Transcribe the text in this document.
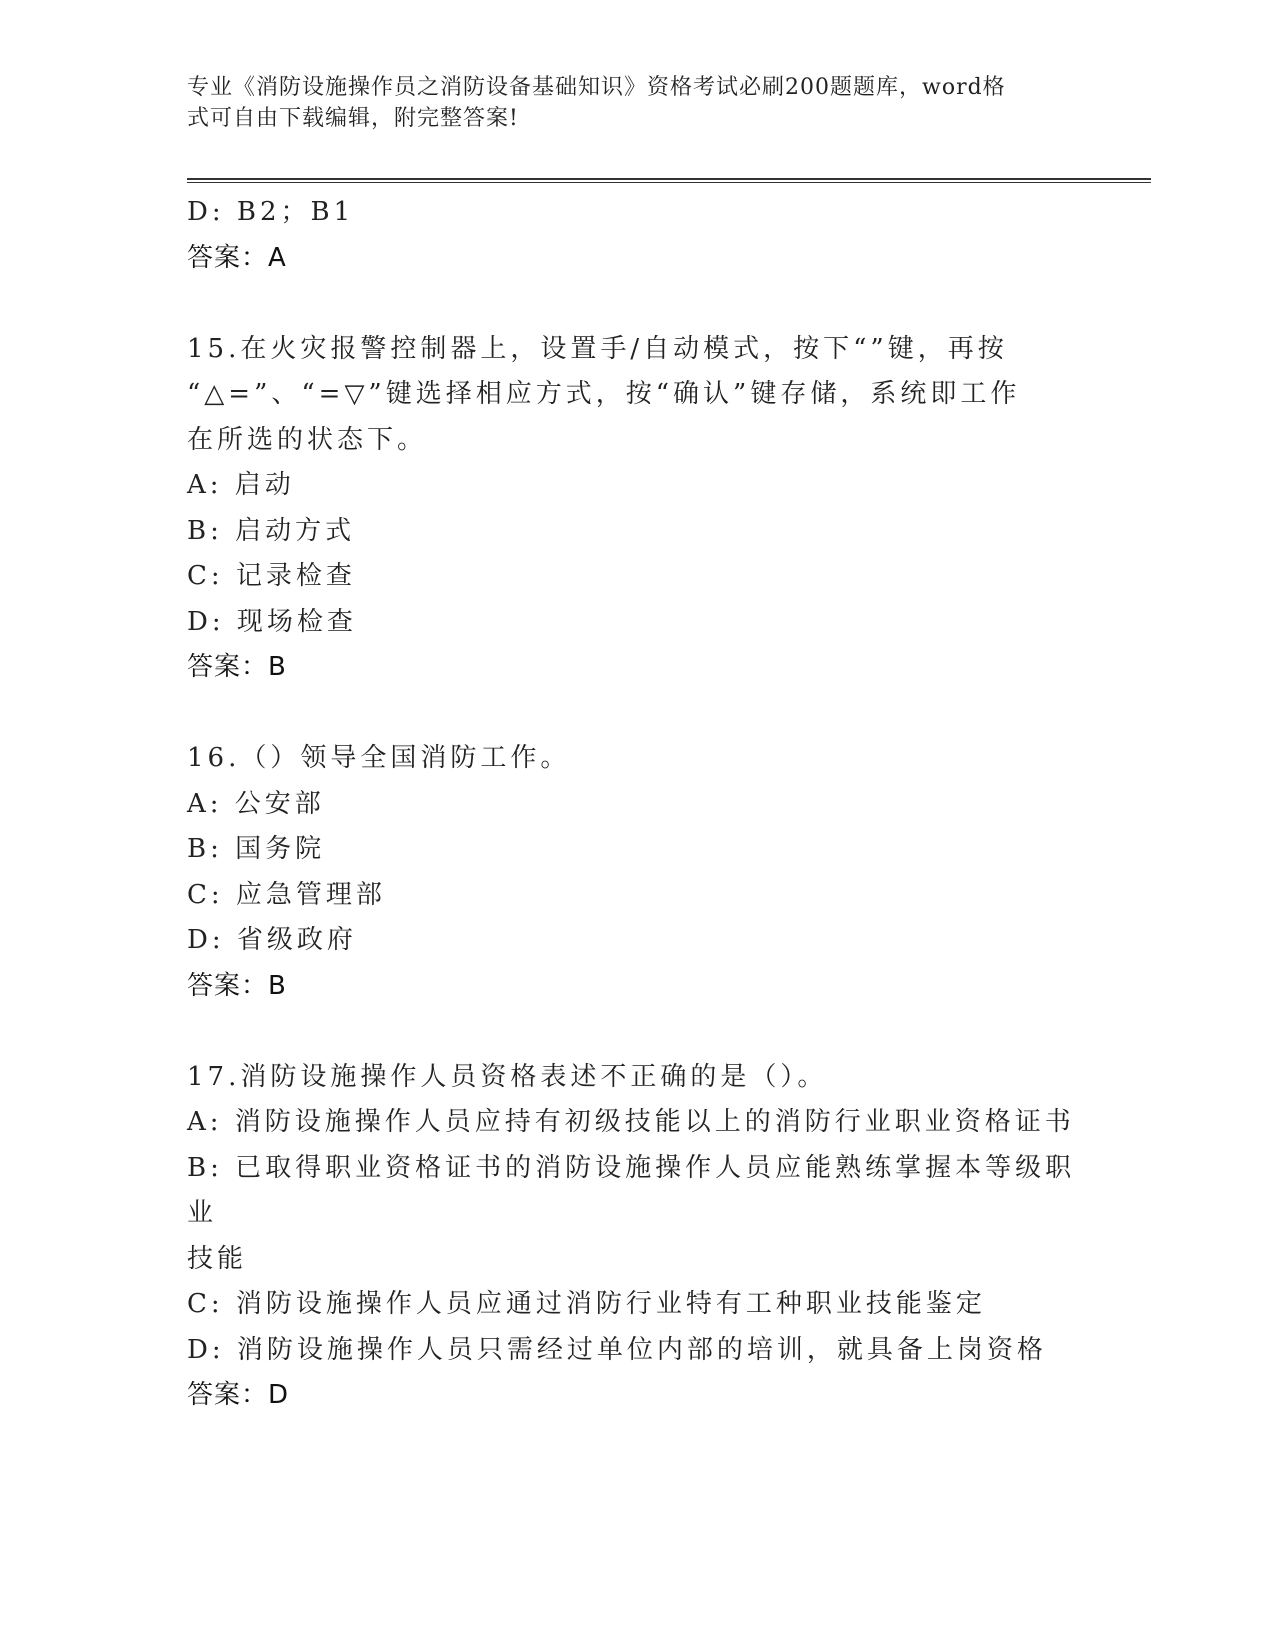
专业《消防设施操作员之消防设备基础知识》资格考试必刷200题题库，word格
式可自由下载编辑，附完整答案!
D: B2；B1
答案：A
15.在火灾报警控制器上，设置手/自动模式，按下“”键，再按
“△=”、“=▽”键选择相应方式，按“确认”键存储，系统即工作
在所选的状态下。
A: 启动
B: 启动方式
C: 记录检查
D: 现场检查
答案：B
16.（）领导全国消防工作。
A: 公安部
B: 国务院
C: 应急管理部
D: 省级政府
答案：B
17.消防设施操作人员资格表述不正确的是（）。
A: 消防设施操作人员应持有初级技能以上的消防行业职业资格证书
B: 已取得职业资格证书的消防设施操作人员应能熟练掌握本等级职业
技能
C: 消防设施操作人员应通过消防行业特有工种职业技能鉴定
D: 消防设施操作人员只需经过单位内部的培训，就具备上岗资格
答案：D
